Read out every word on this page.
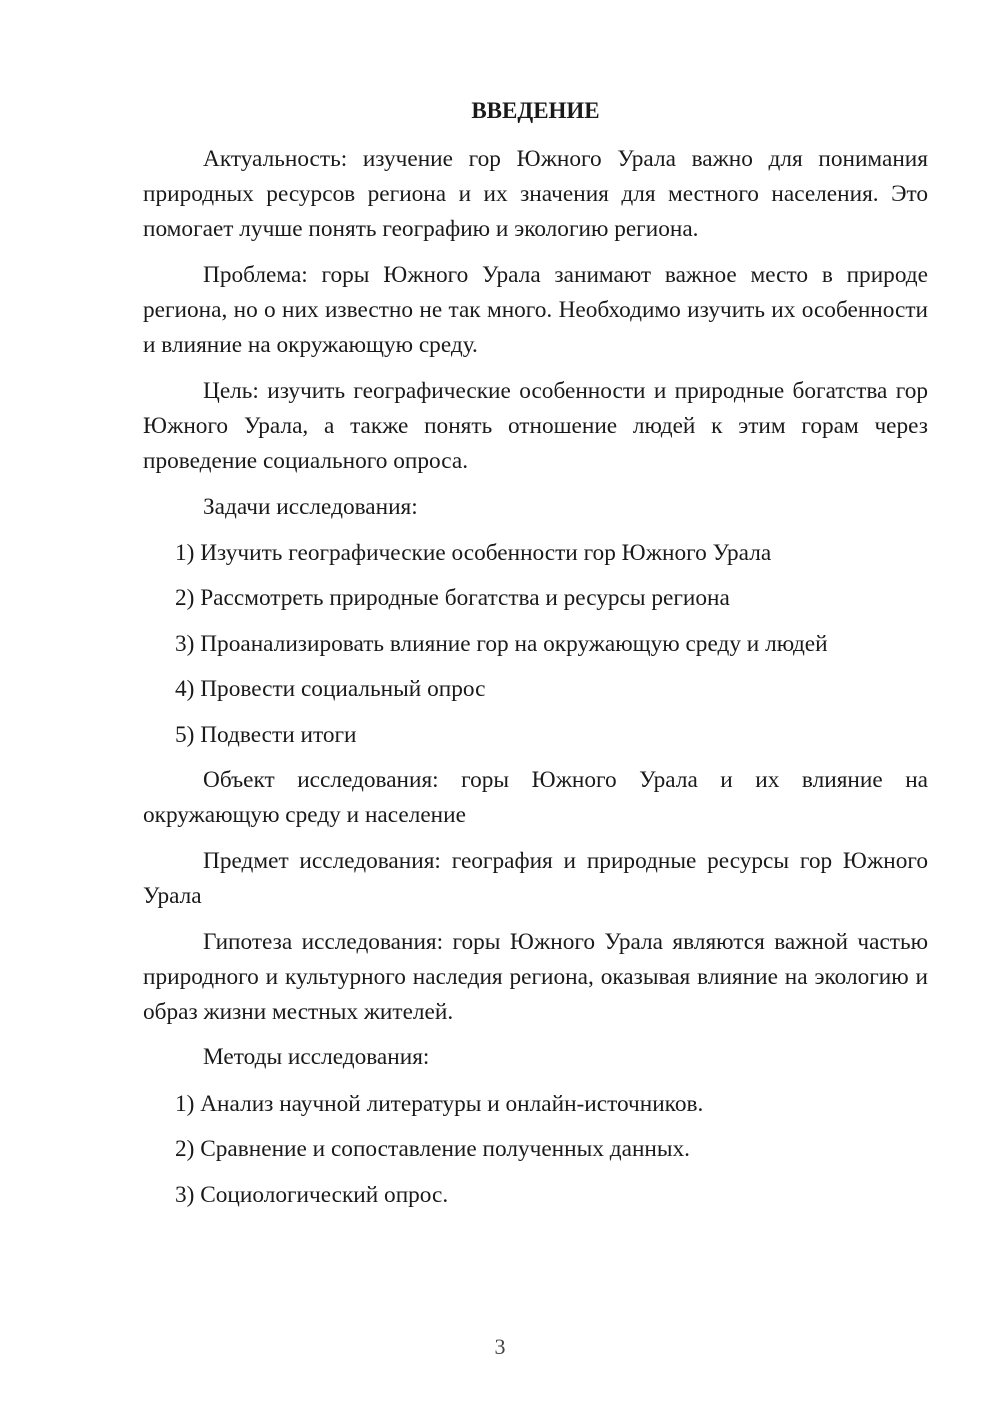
ВВЕДЕНИЕ

Актуальность: изучение гор Южного Урала важно для понимания природных ресурсов региона и их значения для местного населения. Это помогает лучше понять географию и экологию региона.

Проблема: горы Южного Урала занимают важное место в природе региона, но о них известно не так много. Необходимо изучить их особенности и влияние на окружающую среду.

Цель: изучить географические особенности и природные богатства гор Южного Урала, а также понять отношение людей к этим горам через проведение социального опроса.

Задачи исследования:

1) Изучить географические особенности гор Южного Урала

2) Рассмотреть природные богатства и ресурсы региона

3) Проанализировать влияние гор на окружающую среду и людей

4) Провести социальный опрос

5) Подвести итоги

Объект исследования: горы Южного Урала и их влияние на окружающую среду и население

Предмет исследования: география и природные ресурсы гор Южного Урала

Гипотеза исследования: горы Южного Урала являются важной частью природного и культурного наследия региона, оказывая влияние на экологию и образ жизни местных жителей.

Методы исследования:

1) Анализ научной литературы и онлайн-источников.

2) Сравнение и сопоставление полученных данных.

3) Социологический опрос.

3
